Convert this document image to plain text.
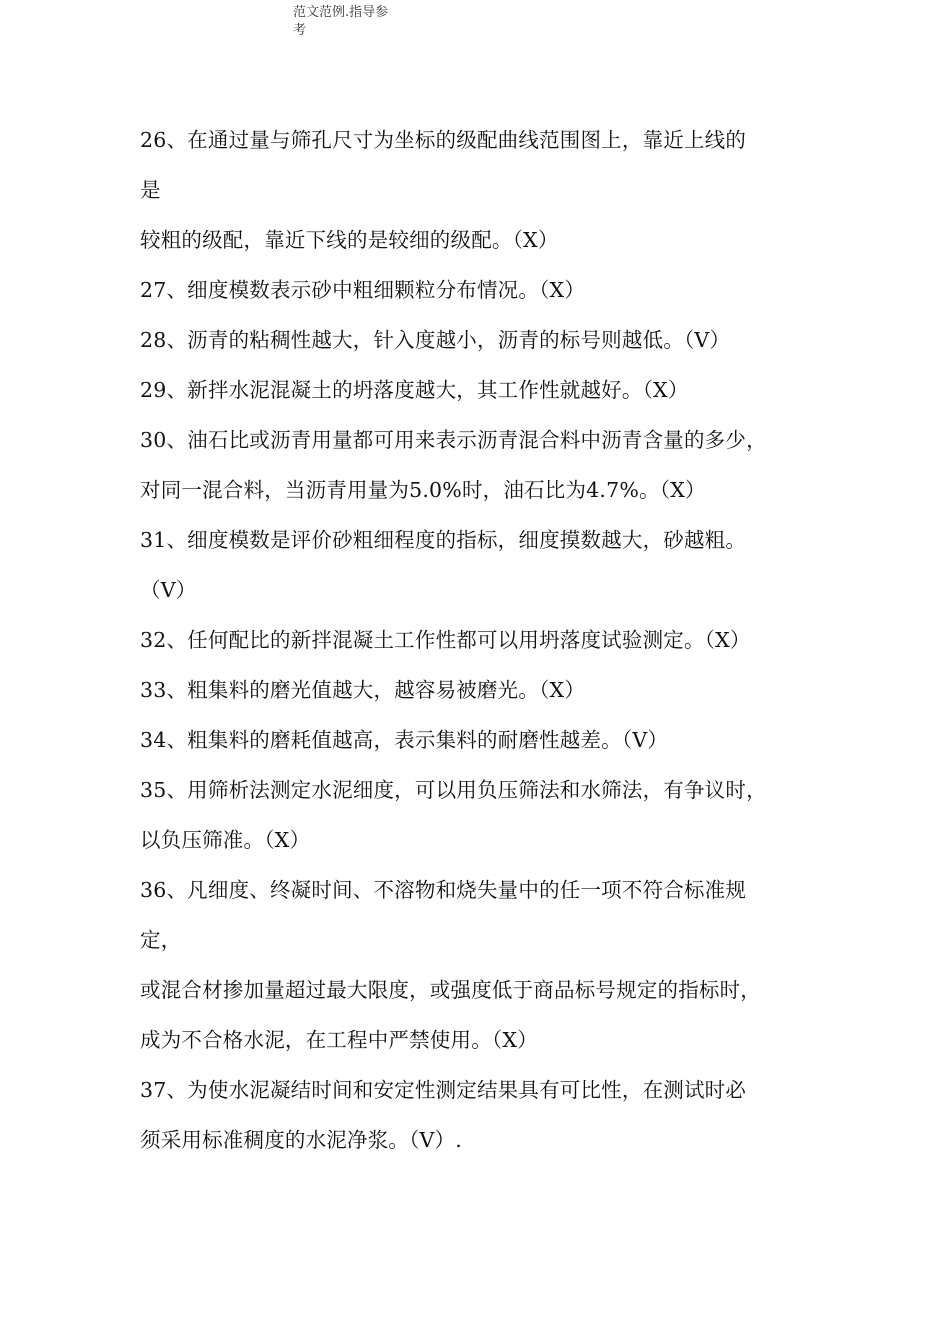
范文范例.指导参
考
26、在通过量与筛孔尺寸为坐标的级配曲线范围图上，靠近上线的
是
较粗的级配，靠近下线的是较细的级配。（X）
27、细度模数表示砂中粗细颗粒分布情况。（X）
28、沥青的粘稠性越大，针入度越小，沥青的标号则越低。（V）
29、新拌水泥混凝土的坍落度越大，其工作性就越好。（X）
30、油石比或沥青用量都可用来表示沥青混合料中沥青含量的多少，
对同一混合料，当沥青用量为5.0%时，油石比为4.7%。（X）
31、细度模数是评价砂粗细程度的指标，细度摸数越大，砂越粗。
（V）
32、任何配比的新拌混凝土工作性都可以用坍落度试验测定。（X）
33、粗集料的磨光值越大，越容易被磨光。（X）
34、粗集料的磨耗值越高，表示集料的耐磨性越差。（V）
35、用筛析法测定水泥细度，可以用负压筛法和水筛法，有争议时，
以负压筛准。（X）
36、凡细度、终凝时间、不溶物和烧失量中的任一项不符合标准规
定，
或混合材掺加量超过最大限度，或强度低于商品标号规定的指标时，
成为不合格水泥，在工程中严禁使用。（X）
37、为使水泥凝结时间和安定性测定结果具有可比性，在测试时必
须采用标准稠度的水泥净浆。（V）.
